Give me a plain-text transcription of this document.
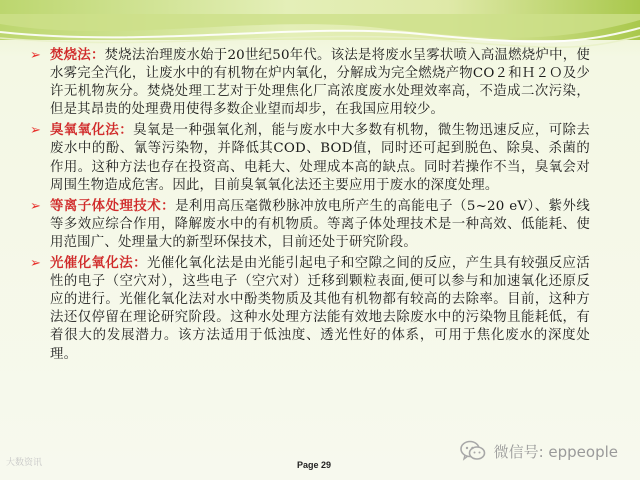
➢ 焚烧法：焚烧法治理废水始于20世纪50年代。该法是将废水呈雾状喷入高温燃烧炉中，使水雾完全汽化，让废水中的有机物在炉内氧化，分解成为完全燃烧产物CO２和Ｈ２Ｏ及少许无机物灰分。焚烧处理工艺对于处理焦化厂高浓度废水处理效率高，不造成二次污染，但是其昂贵的处理费用使得多数企业望而却步，在我国应用较少。
➢ 臭氧氧化法：臭氧是一种强氧化剂，能与废水中大多数有机物，微生物迅速反应，可除去废水中的酚、氰等污染物，并降低其COD、BOD值，同时还可起到脱色、除臭、杀菌的作用。这种方法也存在投资高、电耗大、处理成本高的缺点。同时若操作不当，臭氧会对周围生物造成危害。因此，目前臭氧氧化法还主要应用于废水的深度处理。
➢ 等离子体处理技术：是利用高压毫微秒脉冲放电所产生的高能电子（5~20 eV）、紫外线等多效应综合作用，降解废水中的有机物质。等离子体处理技术是一种高效、低能耗、使用范围广、处理量大的新型环保技术，目前还处于研究阶段。
➢ 光催化氧化法：光催化氧化法是由光能引起电子和空隙之间的反应，产生具有较强反应活性的电子（空穴对），这些电子（空穴对）迁移到颗粒表面,便可以参与和加速氧化还原反应的进行。光催化氧化法对水中酚类物质及其他有机物都有较高的去除率。目前，这种方法还仅停留在理论研究阶段。这种水处理方法能有效地去除废水中的污染物且能耗低，有着很大的发展潜力。该方法适用于低浊度、透光性好的体系，可用于焦化废水的深度处理。
Page 29
大数资讯
微信号: eppeople
